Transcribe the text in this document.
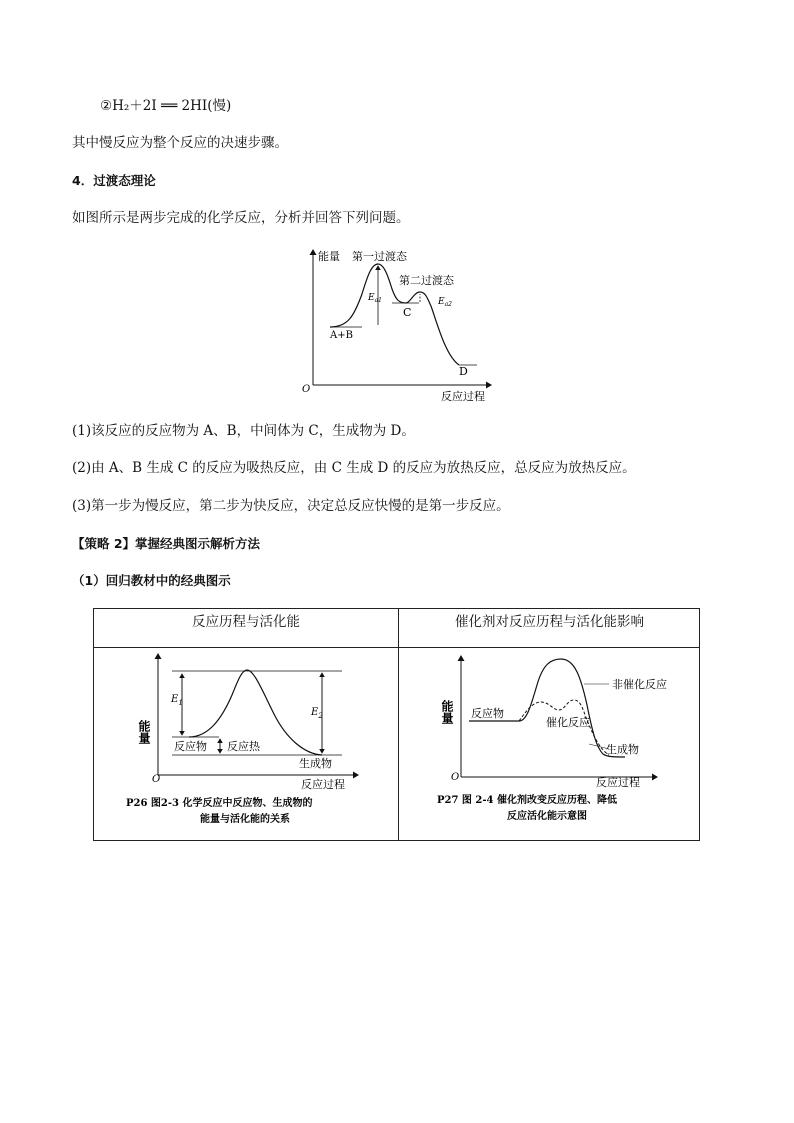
②H₂＋2I ══ 2HI(慢)
其中慢反应为整个反应的决速步骤。
4．过渡态理论
如图所示是两步完成的化学反应，分析并回答下列问题。
能量 第一过渡态
第二过渡态
$E_{a1}$	$E_{a2}$
C
A+B
D
O
反应过程
(1)该反应的反应物为 A、B，中间体为 C，生成物为 D。
(2)由 A、B 生成 C 的反应为吸热反应，由 C 生成 D 的反应为放热反应，总反应为放热反应。
(3)第一步为慢反应，第二步为快反应，决定总反应快慢的是第一步反应。
【策略 2】掌握经典图示解析方法
（1）回归教材中的经典图示
反应历程与活化能	催化剂对反应历程与活化能影响
能量
$E_1$
$E_2$
反应物 反应热
生成物
O	反应过程
P26 图2-3 化学反应中反应物、生成物的
能量与活化能的关系
能量
非催化反应
反应物
催化反应
生成物
O	反应过程
P27 图 2-4 催化剂改变反应历程、降低
反应活化能示意图
